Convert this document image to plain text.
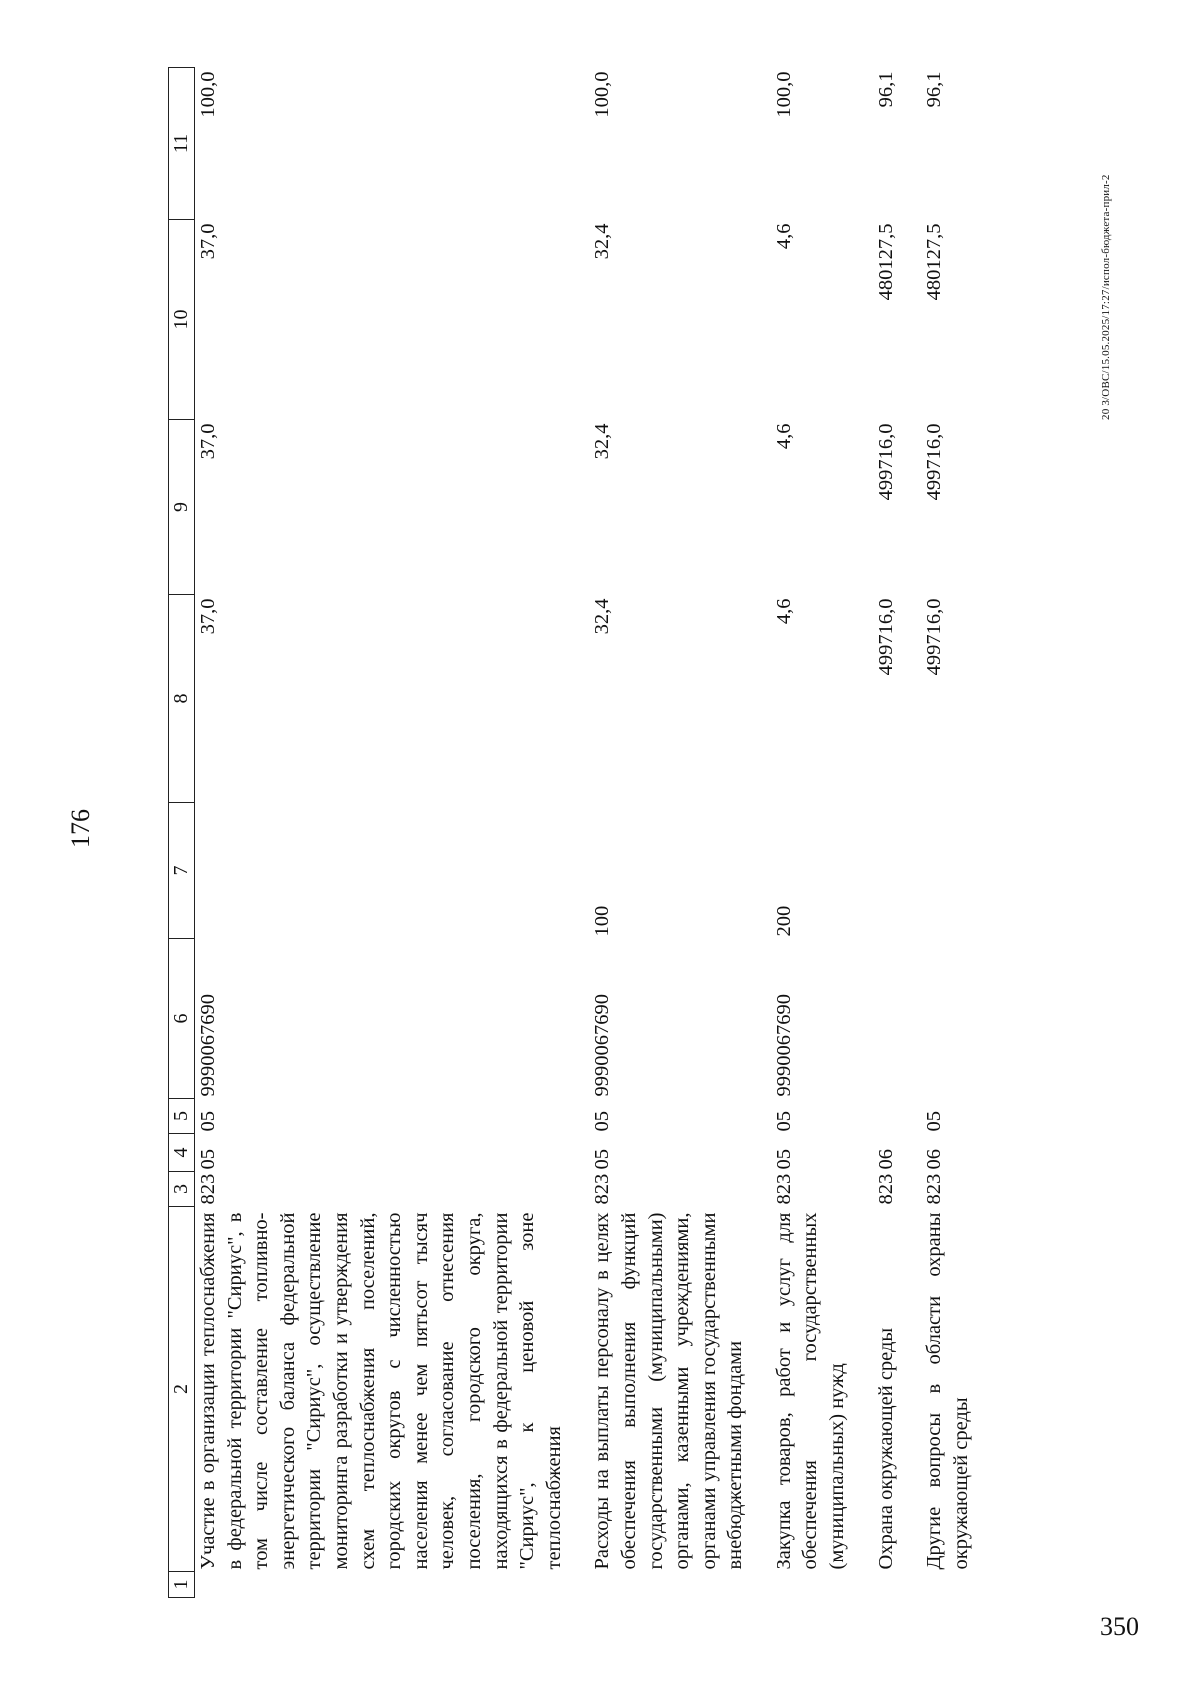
176
1	2	3	4	5	6	7	8	9	10	11
	Участие в организации теплоснабжения в федеральной территории "Сириус", в том числе составление топливно-энергетического баланса федеральной территории "Сириус", осуществление мониторинга разработки и утверждения схем теплоснабжения поселений, городских округов с численностью населения менее чем пятьсот тысяч человек, согласование отнесения поселения, городского округа, находящихся в федеральной территории "Сириус", к ценовой зоне теплоснабжения	823	05	05	9990067690		37,0	37,0	37,0	100,0
	Расходы на выплаты персоналу в целях обеспечения выполнения функций государственными (муниципальными) органами, казенными учреждениями, органами управления государственными внебюджетными фондами	823	05	05	9990067690	100	32,4	32,4	32,4	100,0
	Закупка товаров, работ и услуг для обеспечения государственных (муниципальных) нужд	823	05	05	9990067690	200	4,6	4,6	4,6	100,0
	Охрана окружающей среды	823	06				499716,0	499716,0	480127,5	96,1
	Другие вопросы в области охраны окружающей среды	823	06	05			499716,0	499716,0	480127,5	96,1
20 3/ОВС/15.05.2025/17:27/испол-бюджета-прил-2
350
